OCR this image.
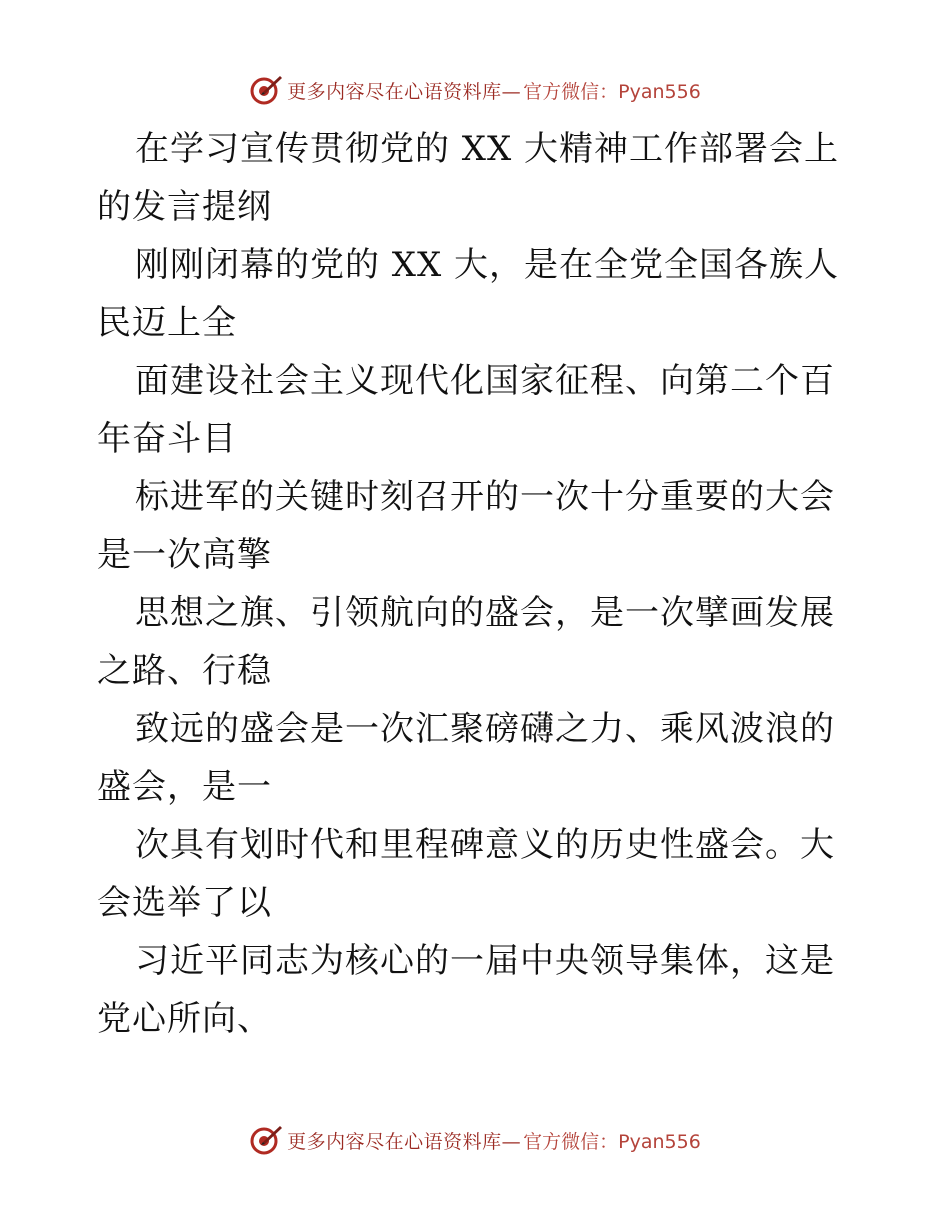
更多内容尽在心语资料库— 官方微信：Pyan556

在学习宣传贯彻党的 XX 大精神工作部署会上的发言提纲

刚刚闭幕的党的 XX 大，是在全党全国各族人民迈上全

面建设社会主义现代化国家征程、向第二个百年奋斗目

标进军的关键时刻召开的一次十分重要的大会是一次高擎

思想之旗、引领航向的盛会，是一次擘画发展之路、行稳

致远的盛会是一次汇聚磅礴之力、乘风波浪的盛会，是一

次具有划时代和里程碑意义的历史性盛会。大会选举了以

习近平同志为核心的一届中央领导集体，这是党心所向、

更多内容尽在心语资料库— 官方微信：Pyan556
